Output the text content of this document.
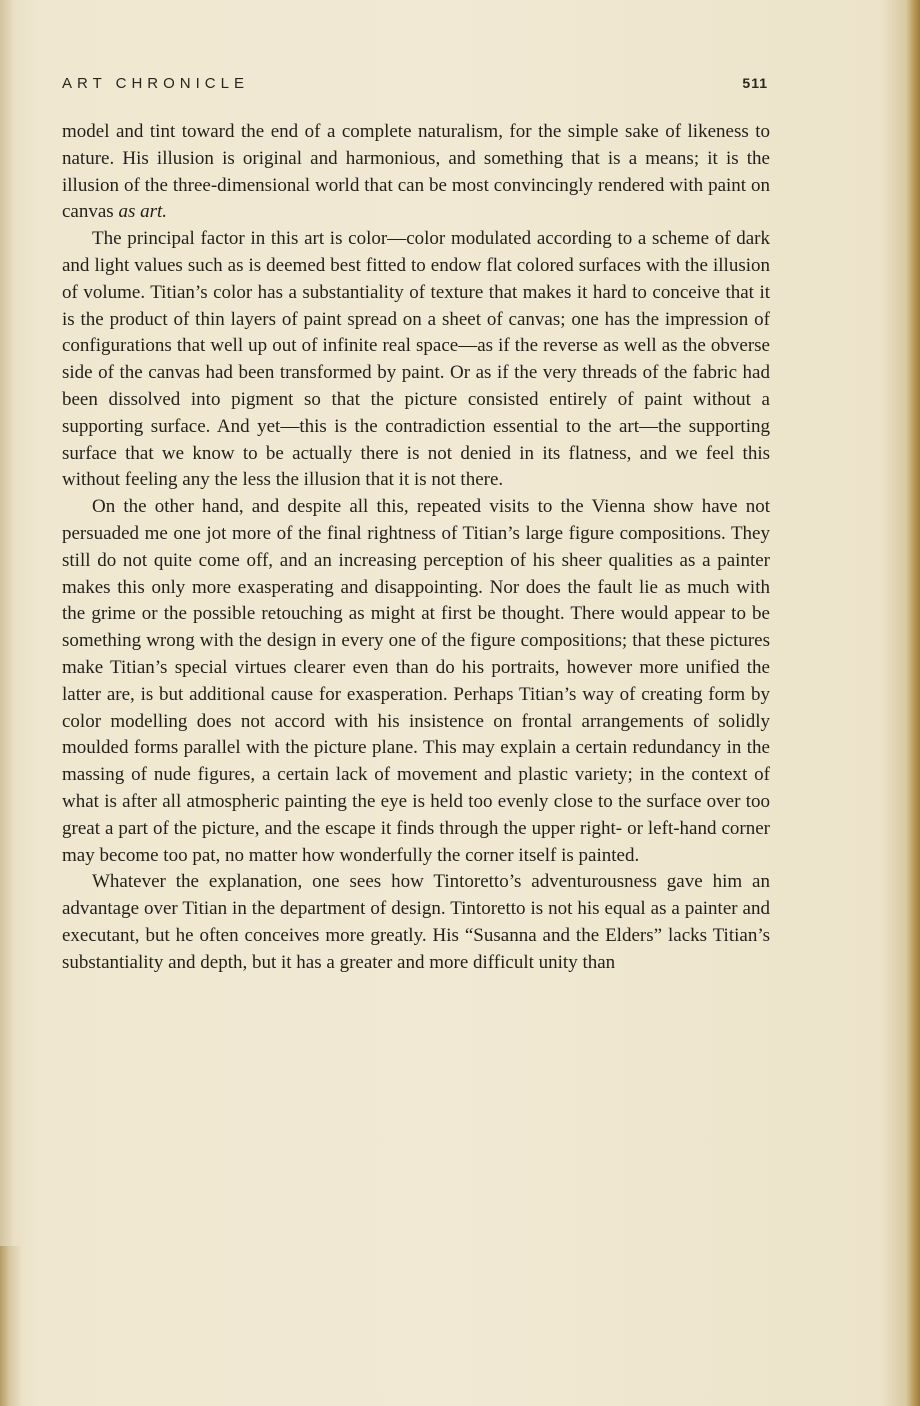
ART CHRONICLE	511

model and tint toward the end of a complete naturalism, for the simple sake of likeness to nature. His illusion is original and harmonious, and something that is a means; it is the illusion of the three-dimensional world that can be most convincingly rendered with paint on canvas as art.

The principal factor in this art is color—color modulated according to a scheme of dark and light values such as is deemed best fitted to endow flat colored surfaces with the illusion of volume. Titian’s color has a substantiality of texture that makes it hard to conceive that it is the product of thin layers of paint spread on a sheet of canvas; one has the impression of configurations that well up out of infinite real space—as if the reverse as well as the obverse side of the canvas had been transformed by paint. Or as if the very threads of the fabric had been dissolved into pigment so that the picture consisted entirely of paint without a supporting surface. And yet—this is the contradiction essential to the art—the supporting surface that we know to be actually there is not denied in its flatness, and we feel this without feeling any the less the illusion that it is not there.

On the other hand, and despite all this, repeated visits to the Vienna show have not persuaded me one jot more of the final rightness of Titian’s large figure compositions. They still do not quite come off, and an increasing perception of his sheer qualities as a painter makes this only more exasperating and disappointing. Nor does the fault lie as much with the grime or the possible retouching as might at first be thought. There would appear to be something wrong with the design in every one of the figure compositions; that these pictures make Titian’s special virtues clearer even than do his portraits, however more unified the latter are, is but additional cause for exasperation. Perhaps Titian’s way of creating form by color modelling does not accord with his insistence on frontal arrangements of solidly moulded forms parallel with the picture plane. This may explain a certain redundancy in the massing of nude figures, a certain lack of movement and plastic variety; in the context of what is after all atmospheric painting the eye is held too evenly close to the surface over too great a part of the picture, and the escape it finds through the upper right- or left-hand corner may become too pat, no matter how wonderfully the corner itself is painted.

Whatever the explanation, one sees how Tintoretto’s adventurousness gave him an advantage over Titian in the department of design. Tintoretto is not his equal as a painter and executant, but he often conceives more greatly. His “Susanna and the Elders” lacks Titian’s substantiality and depth, but it has a greater and more difficult unity than
